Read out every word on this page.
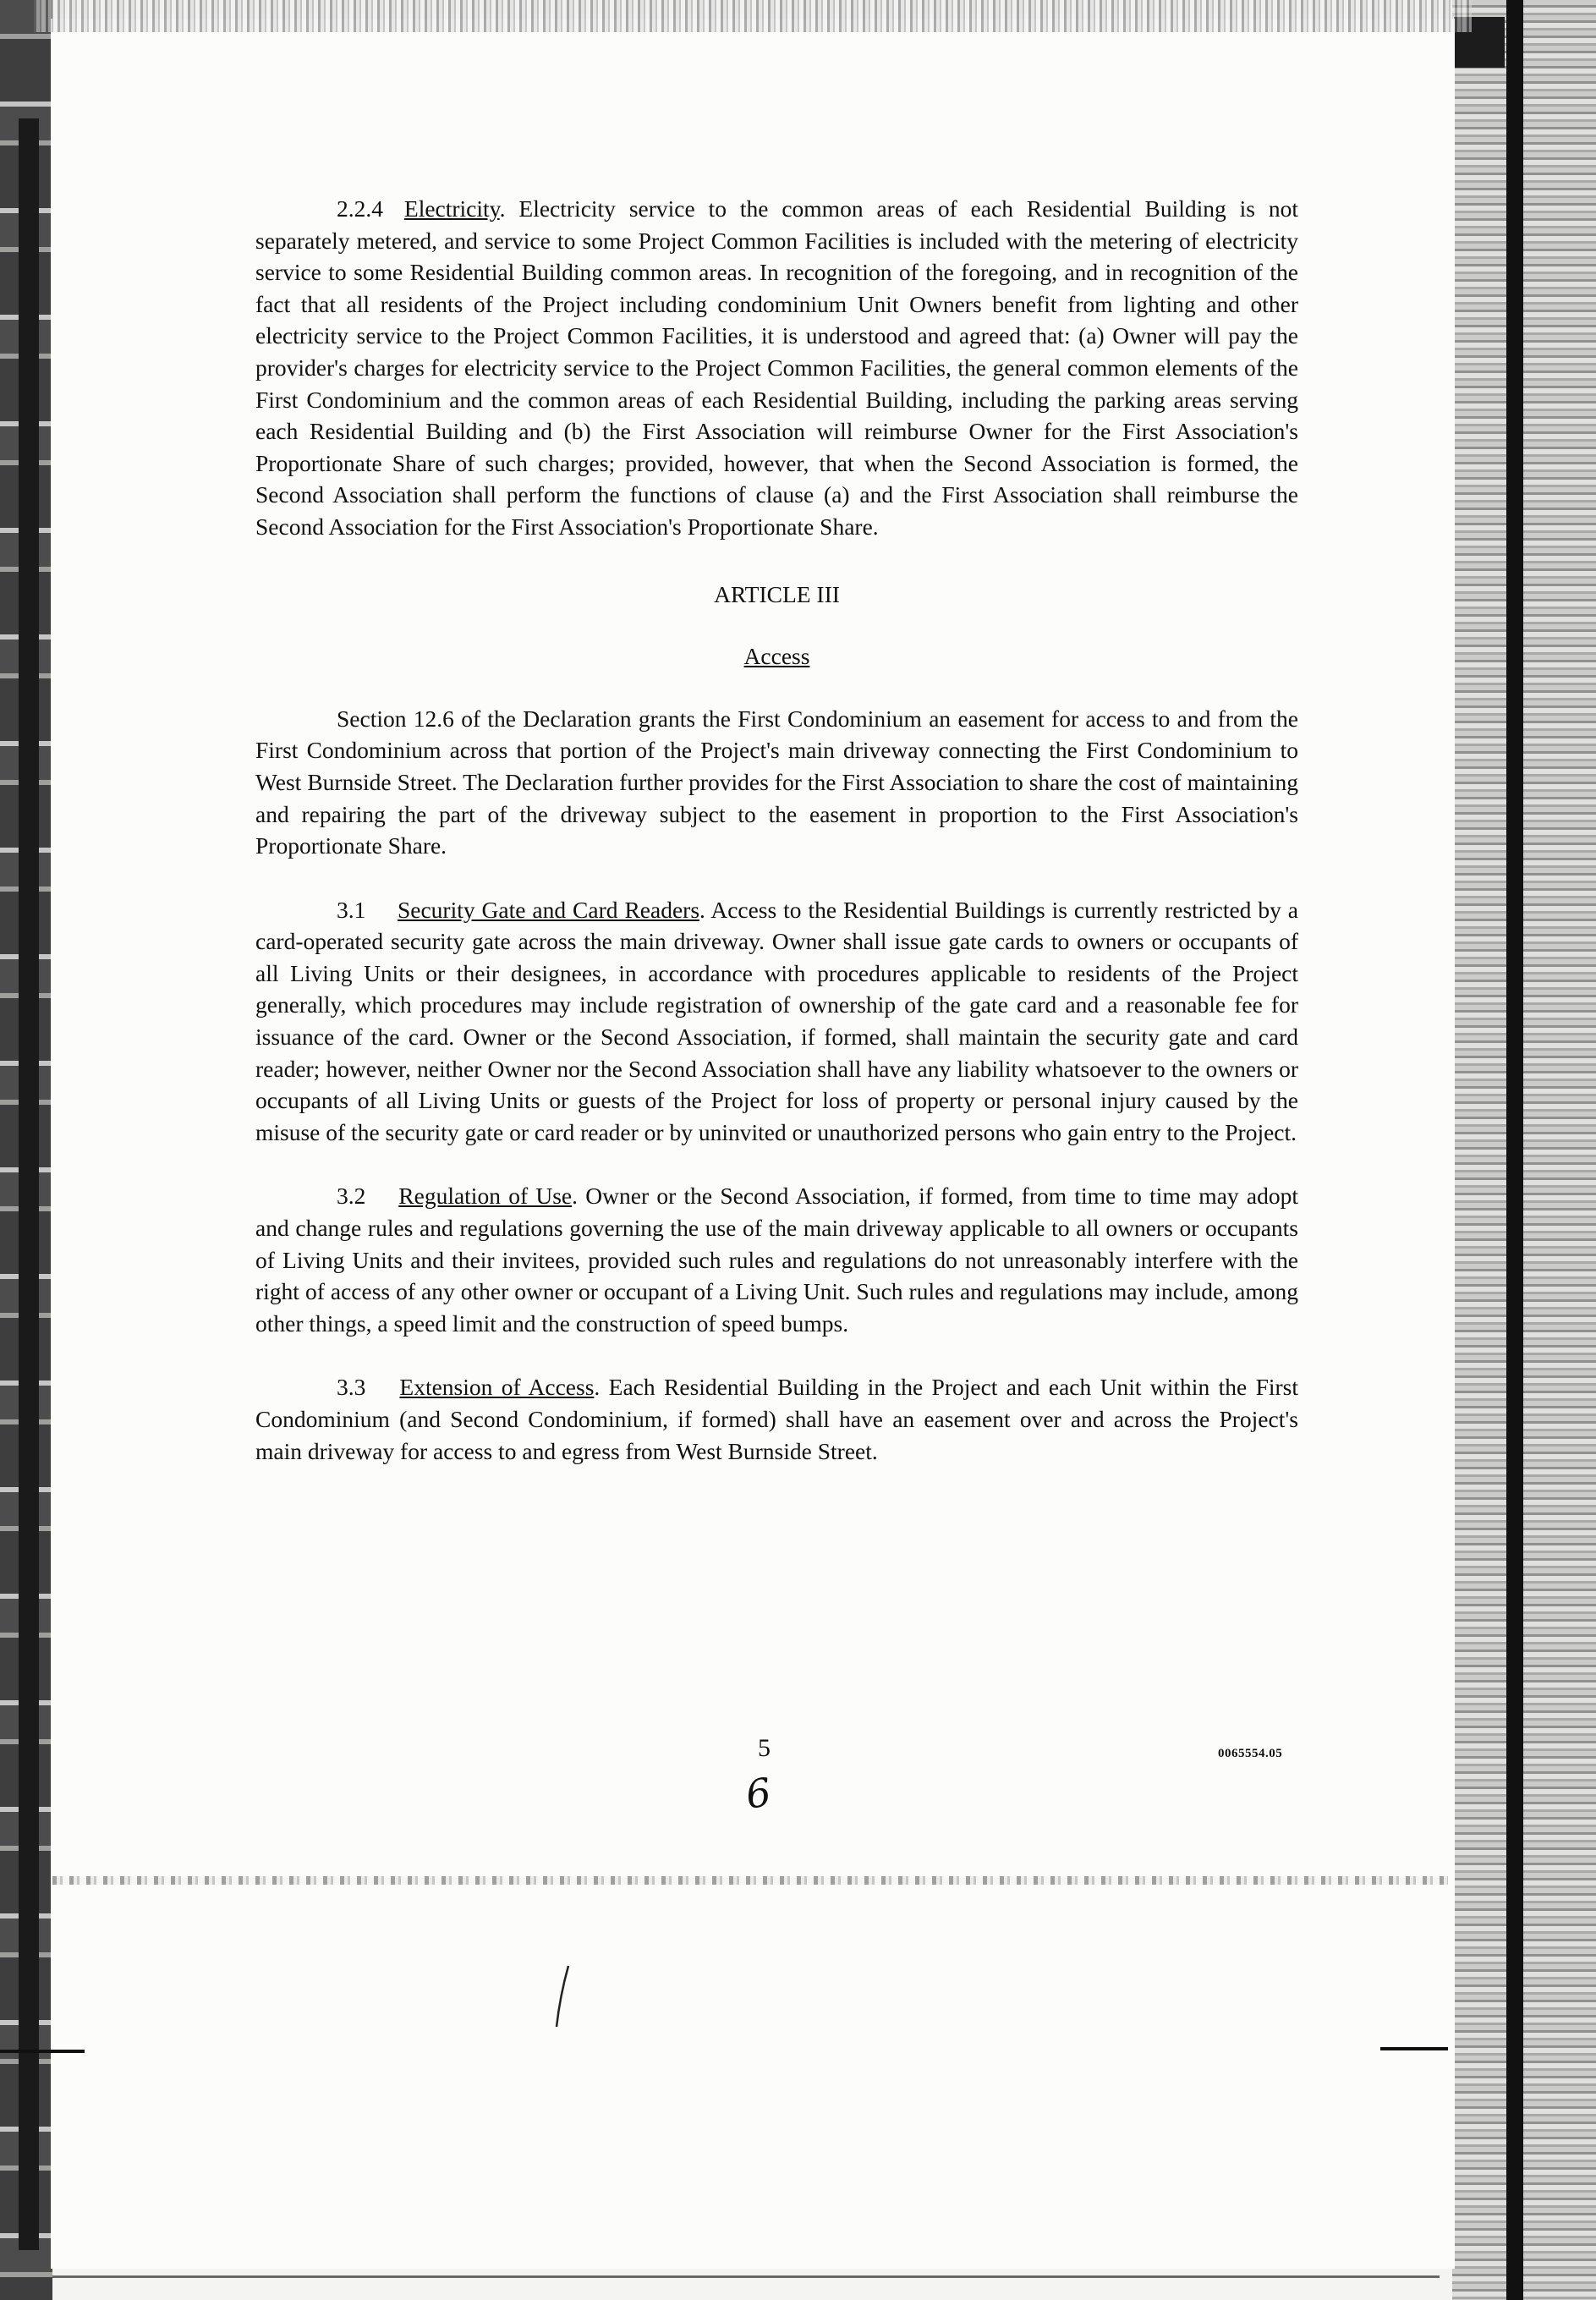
2.2.4 Electricity. Electricity service to the common areas of each Residential Building is not separately metered, and service to some Project Common Facilities is included with the metering of electricity service to some Residential Building common areas. In recognition of the foregoing, and in recognition of the fact that all residents of the Project including condominium Unit Owners benefit from lighting and other electricity service to the Project Common Facilities, it is understood and agreed that: (a) Owner will pay the provider's charges for electricity service to the Project Common Facilities, the general common elements of the First Condominium and the common areas of each Residential Building, including the parking areas serving each Residential Building and (b) the First Association will reimburse Owner for the First Association's Proportionate Share of such charges; provided, however, that when the Second Association is formed, the Second Association shall perform the functions of clause (a) and the First Association shall reimburse the Second Association for the First Association's Proportionate Share.

ARTICLE III

Access

Section 12.6 of the Declaration grants the First Condominium an easement for access to and from the First Condominium across that portion of the Project's main driveway connecting the First Condominium to West Burnside Street. The Declaration further provides for the First Association to share the cost of maintaining and repairing the part of the driveway subject to the easement in proportion to the First Association's Proportionate Share.

3.1 Security Gate and Card Readers. Access to the Residential Buildings is currently restricted by a card-operated security gate across the main driveway. Owner shall issue gate cards to owners or occupants of all Living Units or their designees, in accordance with procedures applicable to residents of the Project generally, which procedures may include registration of ownership of the gate card and a reasonable fee for issuance of the card. Owner or the Second Association, if formed, shall maintain the security gate and card reader; however, neither Owner nor the Second Association shall have any liability whatsoever to the owners or occupants of all Living Units or guests of the Project for loss of property or personal injury caused by the misuse of the security gate or card reader or by uninvited or unauthorized persons who gain entry to the Project.

3.2 Regulation of Use. Owner or the Second Association, if formed, from time to time may adopt and change rules and regulations governing the use of the main driveway applicable to all owners or occupants of Living Units and their invitees, provided such rules and regulations do not unreasonably interfere with the right of access of any other owner or occupant of a Living Unit. Such rules and regulations may include, among other things, a speed limit and the construction of speed bumps.

3.3 Extension of Access. Each Residential Building in the Project and each Unit within the First Condominium (and Second Condominium, if formed) shall have an easement over and across the Project's main driveway for access to and egress from West Burnside Street.

5
6
0065554.05
